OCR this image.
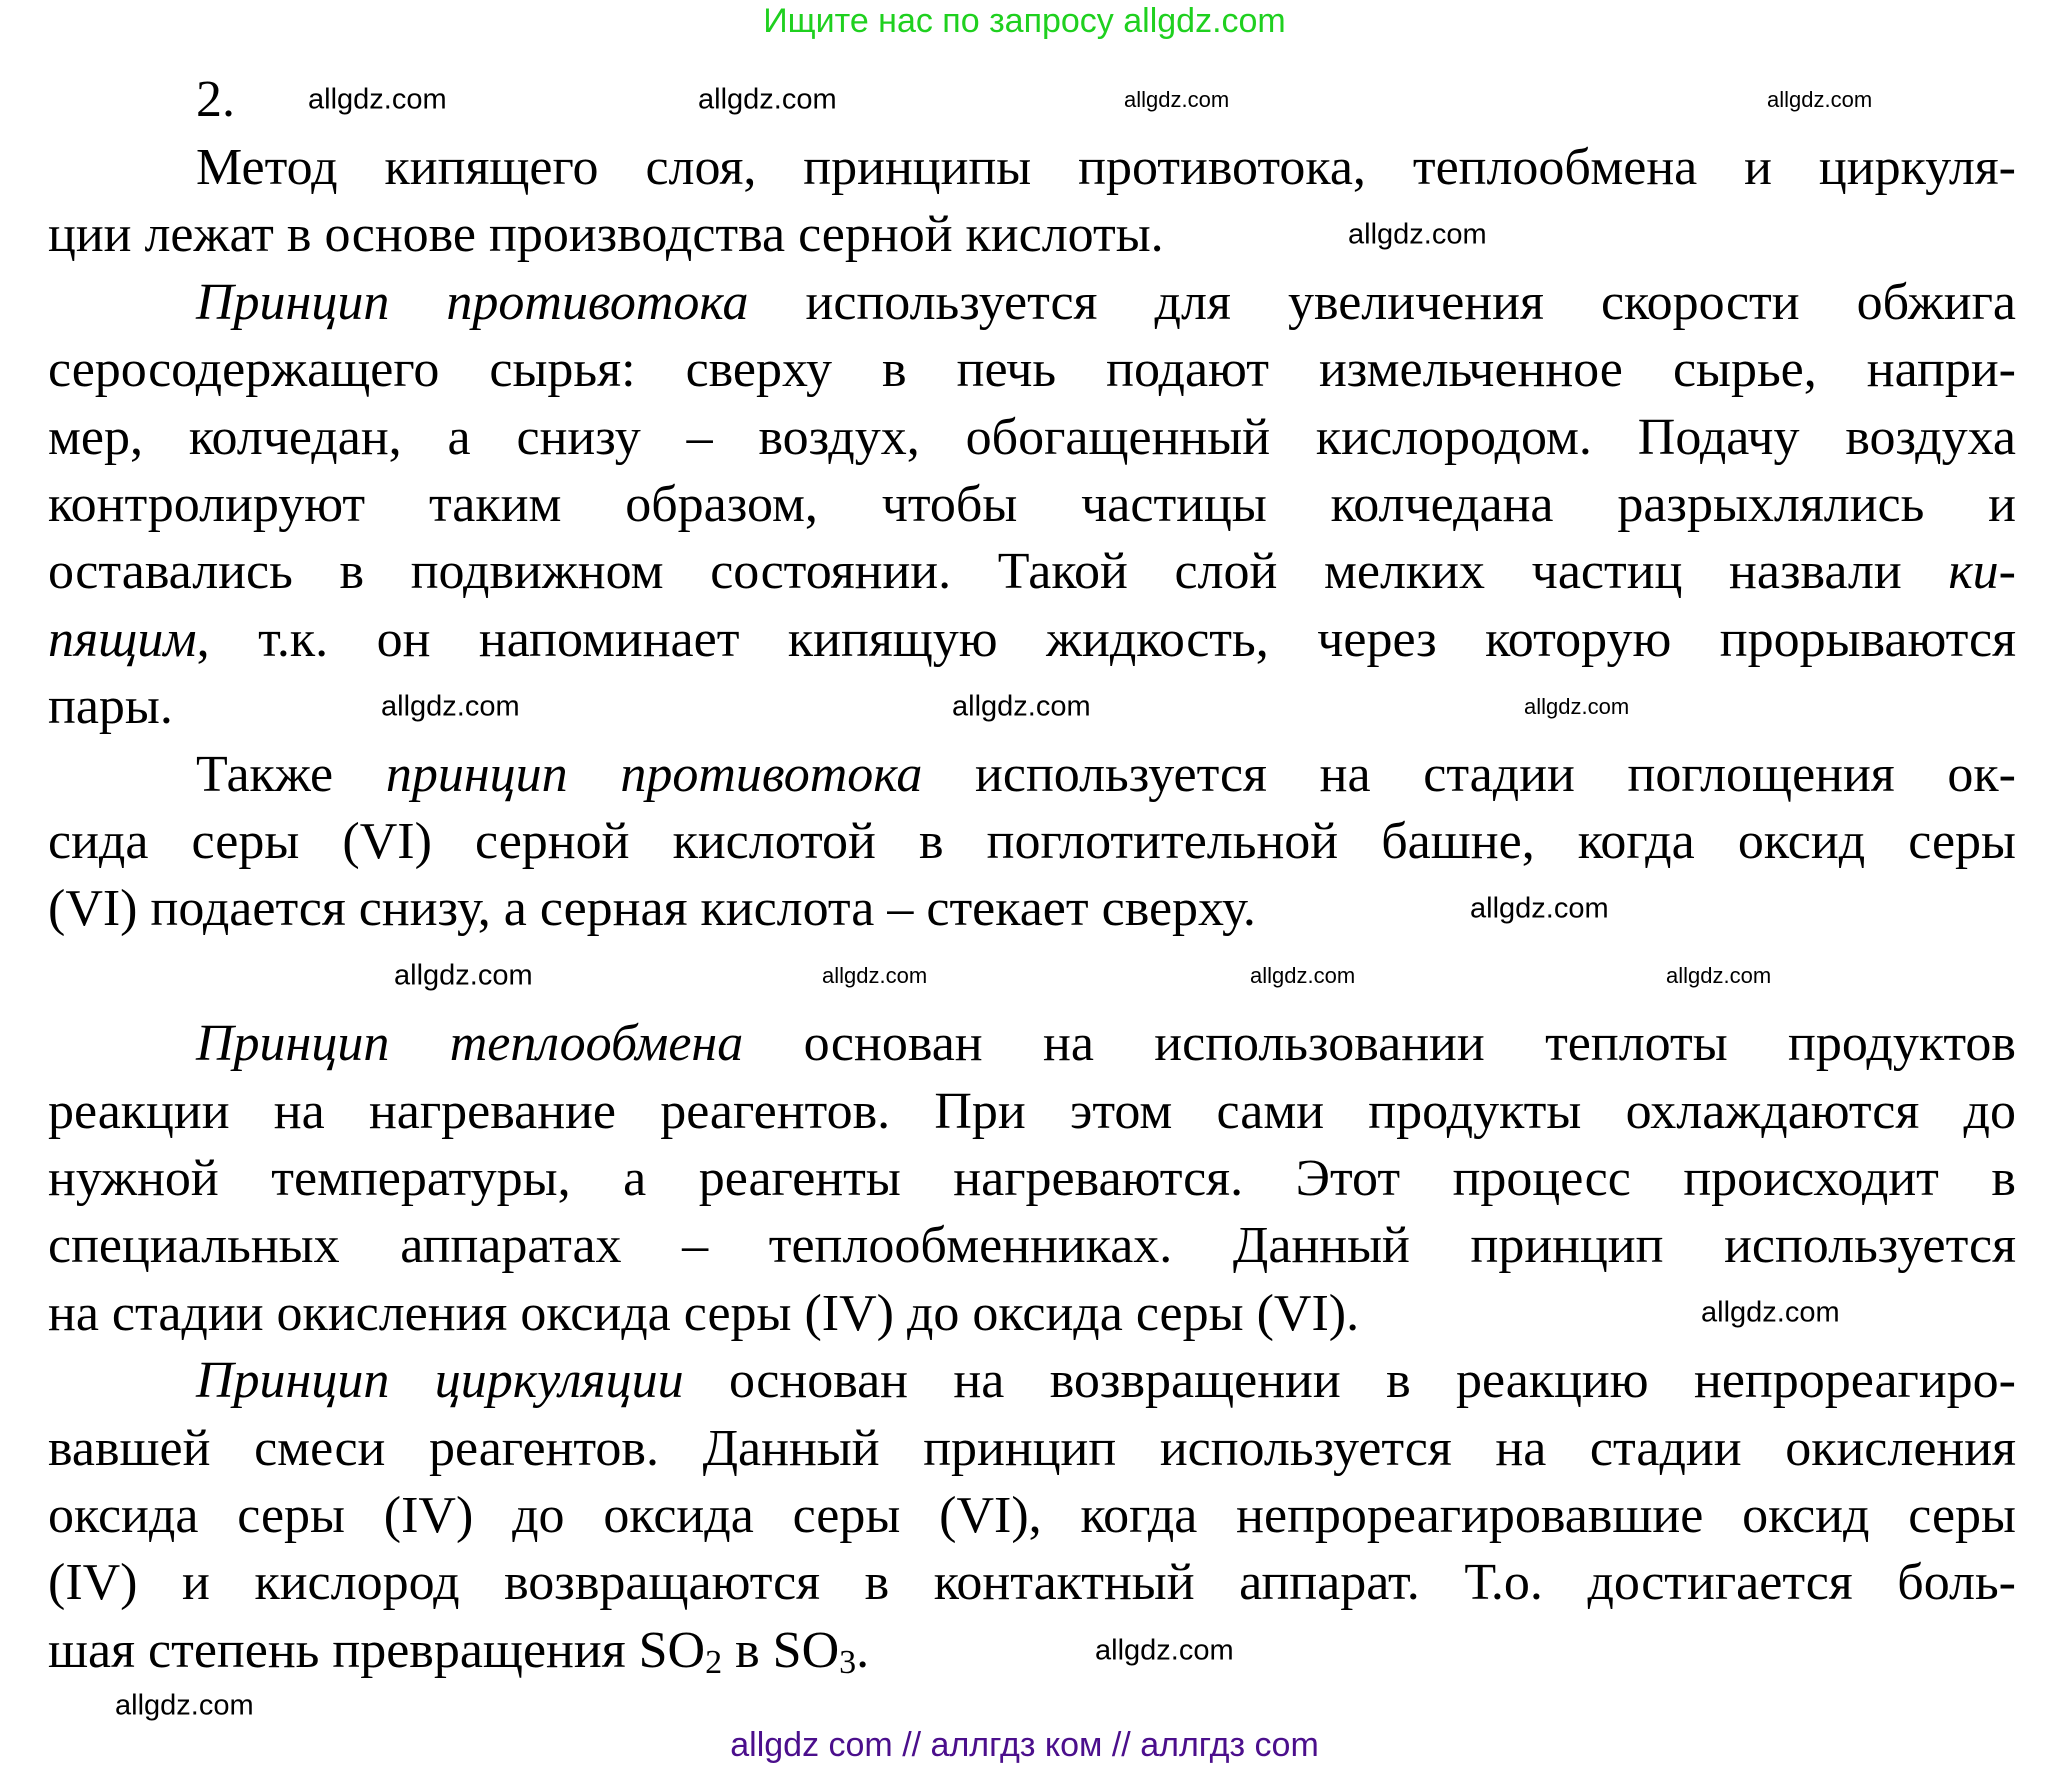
Ищите нас по запросу allgdz.com
2.
Метод кипящего слоя, принципы противотока, теплообмена и циркуля-
ции лежат в основе производства серной кислоты.
Принцип противотока используется для увеличения скорости обжига
серосодержащего сырья: сверху в печь подают измельченное сырье, напри-
мер, колчедан, а снизу – воздух, обогащенный кислородом. Подачу воздуха
контролируют таким образом, чтобы частицы колчедана разрыхлялись и
оставались в подвижном состоянии. Такой слой мелких частиц назвали ки-
пящим, т.к. он напоминает кипящую жидкость, через которую прорываются
пары.
Также принцип противотока используется на стадии поглощения ок-
сида серы (VI) серной кислотой в поглотительной башне, когда оксид серы
(VI) подается снизу, а серная кислота – стекает сверху.
Принцип теплообмена основан на использовании теплоты продуктов
реакции на нагревание реагентов. При этом сами продукты охлаждаются до
нужной температуры, а реагенты нагреваются. Этот процесс происходит в
специальных аппаратах – теплообменниках. Данный принцип используется
на стадии окисления оксида серы (IV) до оксида серы (VI).
Принцип циркуляции основан на возвращении в реакцию непрореагиро-
вавшей смеси реагентов. Данный принцип используется на стадии окисления
оксида серы (IV) до оксида серы (VI), когда непрореагировавшие оксид серы
(IV) и кислород возвращаются в контактный аппарат. Т.о. достигается боль-
шая степень превращения $SO_2$ в $SO_3$.
allgdz.com
allgdz.com	allgdz.com	allgdz.com
allgdz.com
allgdz.com	allgdz.com	allgdz.com
allgdz.com
allgdz.com	allgdz.com	allgdz.com	allgdz.com
allgdz.com
allgdz.com
allgdz.com
allgdz com // аллгдз ком // аллгдз com
